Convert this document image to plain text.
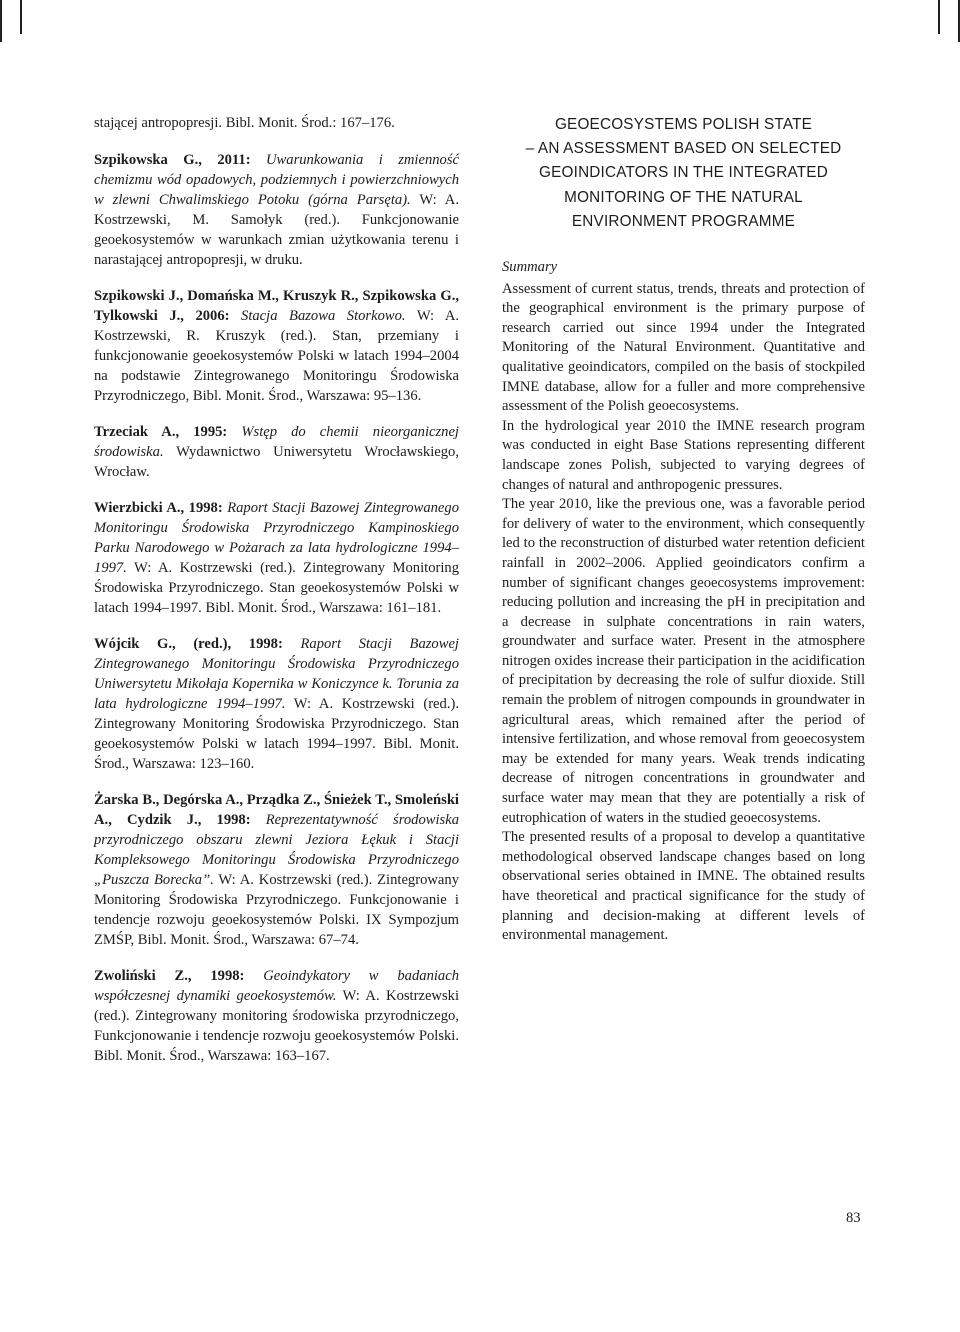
stającej antropopresji. Bibl. Monit. Środ.: 167–176.

Szpikowska G., 2011: Uwarunkowania i zmienność chemizmu wód opadowych, podziemnych i powierzchniowych w zlewni Chwalimskiego Potoku (górna Parsęta). W: A. Kostrzewski, M. Samołyk (red.). Funkcjonowanie geoekosystemów w warunkach zmian użytkowania terenu i narastającej antropopresji, w druku.

Szpikowski J., Domańska M., Kruszyk R., Szpikowska G., Tylkowski J., 2006: Stacja Bazowa Storkowo. W: A. Kostrzewski, R. Kruszyk (red.). Stan, przemiany i funkcjonowanie geoekosystemów Polski w latach 1994–2004 na podstawie Zintegrowanego Monitoringu Środowiska Przyrodniczego, Bibl. Monit. Środ., Warszawa: 95–136.

Trzeciak A., 1995: Wstęp do chemii nieorganicznej środowiska. Wydawnictwo Uniwersytetu Wrocławskiego, Wrocław.

Wierzbicki A., 1998: Raport Stacji Bazowej Zintegrowanego Monitoringu Środowiska Przyrodniczego Kampinoskiego Parku Narodowego w Pożarach za lata hydrologiczne 1994–1997. W: A. Kostrzewski (red.). Zintegrowany Monitoring Środowiska Przyrodniczego. Stan geoekosystemów Polski w latach 1994–1997. Bibl. Monit. Środ., Warszawa: 161–181.

Wójcik G., (red.), 1998: Raport Stacji Bazowej Zintegrowanego Monitoringu Środowiska Przyrodniczego Uniwersytetu Mikołaja Kopernika w Koniczynce k. Torunia za lata hydrologiczne 1994–1997. W: A. Kostrzewski (red.). Zintegrowany Monitoring Środowiska Przyrodniczego. Stan geoekosystemów Polski w latach 1994–1997. Bibl. Monit. Środ., Warszawa: 123–160.

Żarska B., Degórska A., Prządka Z., Śnieżek T., Smoleński A., Cydzik J., 1998: Reprezentatywność środowiska przyrodniczego obszaru zlewni Jeziora Łękuk i Stacji Kompleksowego Monitoringu Środowiska Przyrodniczego „Puszcza Borecka”. W: A. Kostrzewski (red.). Zintegrowany Monitoring Środowiska Przyrodniczego. Funkcjonowanie i tendencje rozwoju geoekosystemów Polski. IX Sympozjum ZMŚP, Bibl. Monit. Środ., Warszawa: 67–74.

Zwoliński Z., 1998: Geoindykatory w badaniach współczesnej dynamiki geoekosystemów. W: A. Kostrzewski (red.). Zintegrowany monitoring środowiska przyrodniczego, Funkcjonowanie i tendencje rozwoju geoekosystemów Polski. Bibl. Monit. Środ., Warszawa: 163–167.

GEOECOSYSTEMS POLISH STATE
– AN ASSESSMENT BASED ON SELECTED
GEOINDICATORS IN THE INTEGRATED
MONITORING OF THE NATURAL
ENVIRONMENT PROGRAMME
Summary

Assessment of current status, trends, threats and protection of the geographical environment is the primary purpose of research carried out since 1994 under the Integrated Monitoring of the Natural Environment. Quantitative and qualitative geoindicators, compiled on the basis of stockpiled IMNE database, allow for a fuller and more comprehensive assessment of the Polish geoecosystems.

In the hydrological year 2010 the IMNE research program was conducted in eight Base Stations representing different landscape zones Polish, subjected to varying degrees of changes of natural and anthropogenic pressures.

The year 2010, like the previous one, was a favorable period for delivery of water to the environment, which consequently led to the reconstruction of disturbed water retention deficient rainfall in 2002–2006. Applied geoindicators confirm a number of significant changes geoecosystems improvement: reducing pollution and increasing the pH in precipitation and a decrease in sulphate concentrations in rain waters, groundwater and surface water. Present in the atmosphere nitrogen oxides increase their participation in the acidification of precipitation by decreasing the role of sulfur dioxide. Still remain the problem of nitrogen compounds in groundwater in agricultural areas, which remained after the period of intensive fertilization, and whose removal from geoecosystem may be extended for many years. Weak trends indicating decrease of nitrogen concentrations in groundwater and surface water may mean that they are potentially a risk of eutrophication of waters in the studied geoecosystems.

The presented results of a proposal to develop a quantitative methodological observed landscape changes based on long observational series obtained in IMNE. The obtained results have theoretical and practical significance for the study of planning and decision-making at different levels of environmental management.

83
